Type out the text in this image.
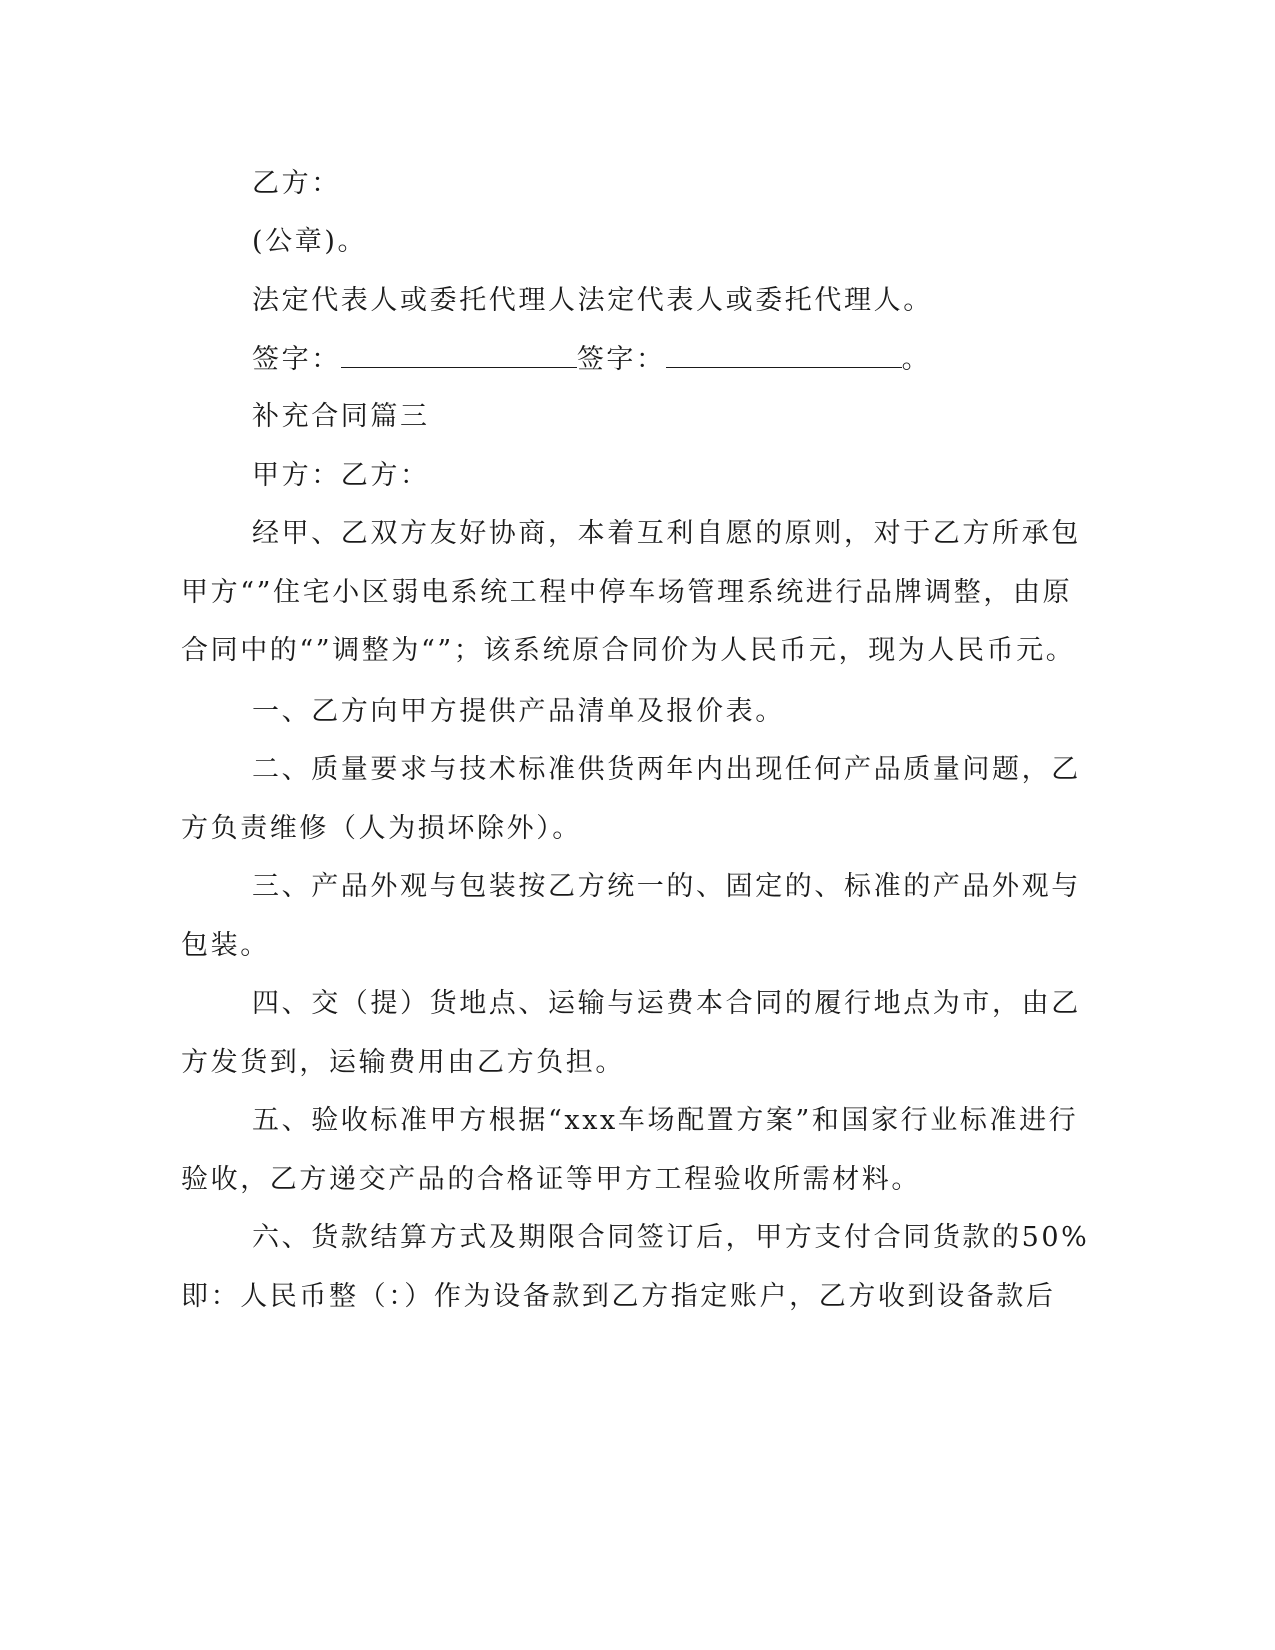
乙方：
(公章)。
法定代表人或委托代理人法定代表人或委托代理人。
签字：	签字：	。
补充合同篇三
甲方：乙方：
经甲、乙双方友好协商，本着互利自愿的原则，对于乙方所承包
甲方“”住宅小区弱电系统工程中停车场管理系统进行品牌调整，由原
合同中的“”调整为“”；该系统原合同价为人民币元，现为人民币元。
一、乙方向甲方提供产品清单及报价表。
二、质量要求与技术标准供货两年内出现任何产品质量问题，乙
方负责维修（人为损坏除外）。
三、产品外观与包装按乙方统一的、固定的、标准的产品外观与
包装。
四、交（提）货地点、运输与运费本合同的履行地点为市，由乙
方发货到，运输费用由乙方负担。
五、验收标准甲方根据“xxx车场配置方案”和国家行业标准进行
验收，乙方递交产品的合格证等甲方工程验收所需材料。
六、货款结算方式及期限合同签订后，甲方支付合同货款的50%
即：人民币整（：）作为设备款到乙方指定账户，乙方收到设备款后
